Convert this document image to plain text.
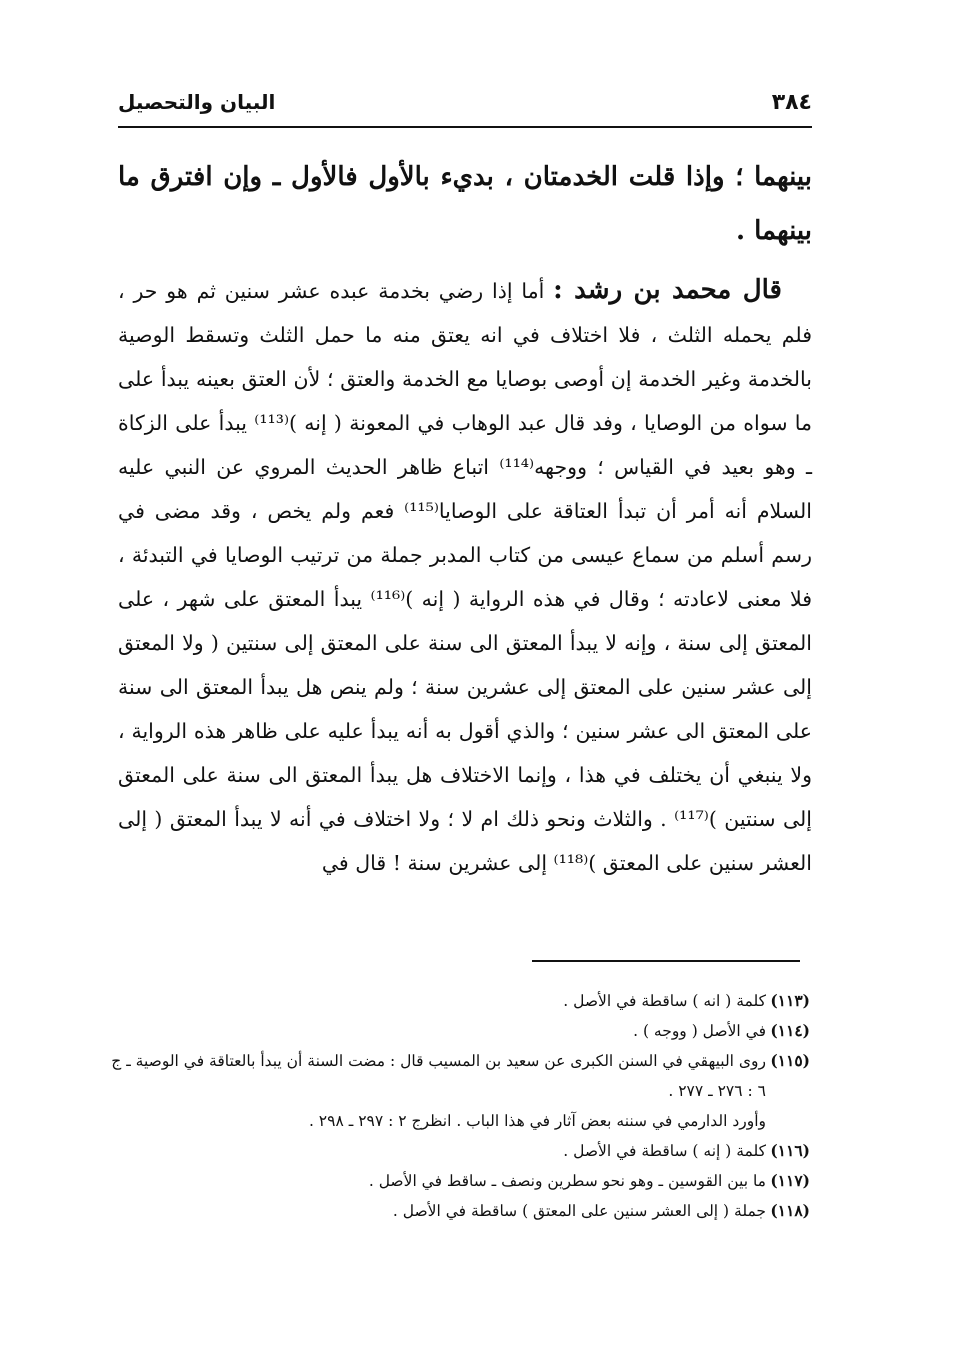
٣٨٤
البيان والتحصيل

بينهما ؛ وإذا قلت الخدمتان ، بديء بالأول فالأول ـ وإن افترق ما بينهما .

قال محمد بن رشد : أما إذا رضي بخدمة عبده عشر سنين ثم هو حر ، فلم يحمله الثلث ، فلا اختلاف في انه يعتق منه ما حمل الثلث وتسقط الوصية بالخدمة وغير الخدمة إن أوصى بوصايا مع الخدمة والعتق ؛ لأن العتق بعينه يبدأ على ما سواه من الوصايا ، وفد قال عبد الوهاب في المعونة ( إنه )⁽¹¹³⁾ يبدأ على الزكاة ـ وهو بعيد في القياس ؛ ووجهه⁽¹¹⁴⁾ اتباع ظاهر الحديث المروي عن النبي عليه السلام أنه أمر أن تبدأ العتاقة على الوصايا⁽¹¹⁵⁾ فعم ولم يخص ، وقد مضى في رسم أسلم من سماع عيسى من كتاب المدبر جملة من ترتيب الوصايا في التبدئة ، فلا معنى لاعادته ؛ وقال في هذه الرواية ( إنه )⁽¹¹⁶⁾ يبدأ المعتق على شهر ، على المعتق إلى سنة ، وإنه لا يبدأ المعتق الى سنة على المعتق إلى سنتين ( ولا المعتق إلى عشر سنين على المعتق إلى عشرين سنة ؛ ولم ينص هل يبدأ المعتق الى سنة على المعتق الى عشر سنين ؛ والذي أقول به أنه يبدأ عليه على ظاهر هذه الرواية ، ولا ينبغي أن يختلف في هذا ، وإنما الاختلاف هل يبدأ المعتق الى سنة على المعتق إلى سنتين )⁽¹¹⁷⁾ . والثلاث ونحو ذلك ام لا ؛ ولا اختلاف في أنه لا يبدأ المعتق ( إلى العشر سنين على المعتق )⁽¹¹⁸⁾ إلى عشرين سنة ! قال في

(١١٣)
كلمة ( انه ) ساقطة في الأصل .
(١١٤)
في الأصل ( ووجه ) .
(١١٥)
روى البيهقي في السنن الكبرى عن سعيد بن المسيب قال : مضت السنة أن يبدأ بالعتاقة في الوصية ـ ج ٦ : ٢٧٦ ـ ٢٧٧ .
وأورد الدارمي في سننه بعض آثار في هذا الباب . انظرج ٢ : ٢٩٧ ـ ٢٩٨ .
(١١٦)
كلمة ( إنه ) ساقطة في الأصل .
(١١٧)
ما بين القوسين ـ وهو نحو سطرين ونصف ـ ساقط في الأصل .
(١١٨)
جملة ( إلى العشر سنين على المعتق ) ساقطة في الأصل .
